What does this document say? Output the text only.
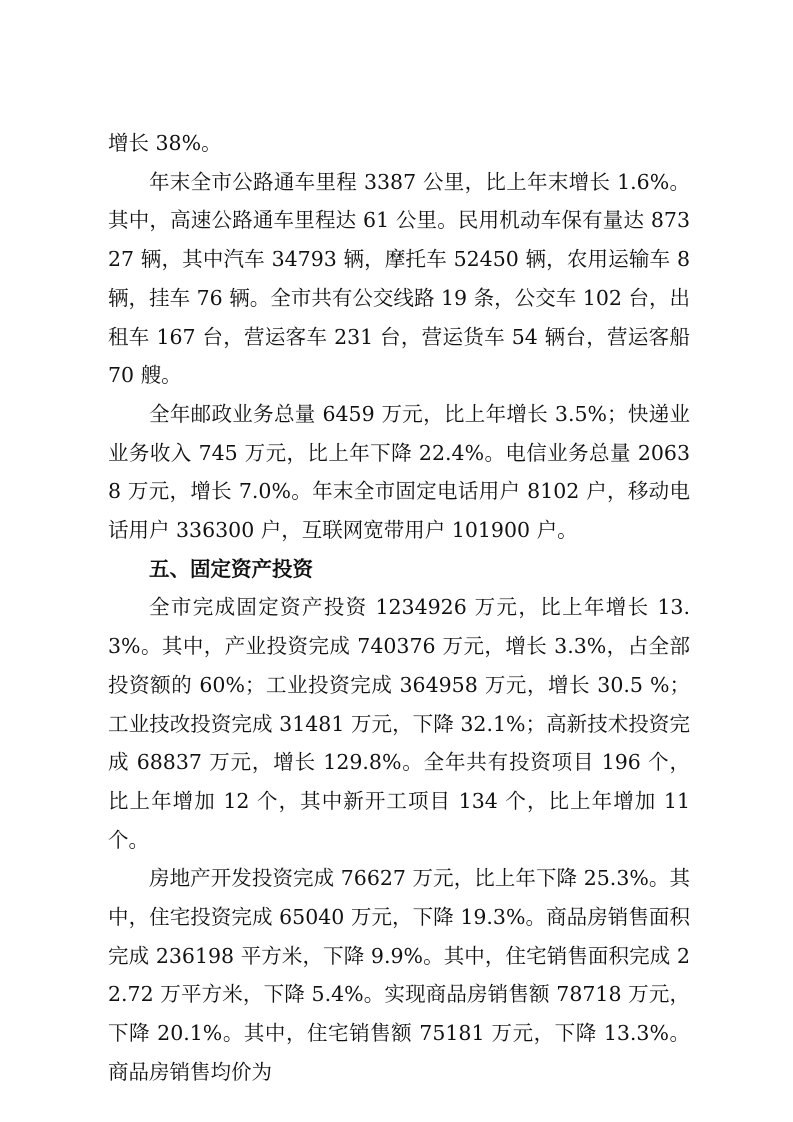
增长 38%。

年末全市公路通车里程 3387 公里，比上年末增长 1.6%。其中，高速公路通车里程达 61 公里。民用机动车保有量达 87327 辆，其中汽车 34793 辆，摩托车 52450 辆，农用运输车 8 辆，挂车 76 辆。全市共有公交线路 19 条，公交车 102 台，出租车 167 台，营运客车 231 台，营运货车 54 辆台，营运客船 70 艘。

全年邮政业务总量 6459 万元，比上年增长 3.5%；快递业业务收入 745 万元，比上年下降 22.4%。电信业务总量 20638 万元，增长 7.0%。年末全市固定电话用户 8102 户，移动电话用户 336300 户，互联网宽带用户 101900 户。

五、固定资产投资

全市完成固定资产投资 1234926 万元，比上年增长 13.3%。其中，产业投资完成 740376 万元，增长 3.3%，占全部投资额的 60%；工业投资完成 364958 万元，增长 30.5 %；工业技改投资完成 31481 万元，下降 32.1%；高新技术投资完成 68837 万元，增长 129.8%。全年共有投资项目 196 个，比上年增加 12 个，其中新开工项目 134 个，比上年增加 11 个。

房地产开发投资完成 76627 万元，比上年下降 25.3%。其中，住宅投资完成 65040 万元，下降 19.3%。商品房销售面积完成 236198 平方米，下降 9.9%。其中，住宅销售面积完成 22.72 万平方米，下降 5.4%。实现商品房销售额 78718 万元，下降 20.1%。其中，住宅销售额 75181 万元，下降 13.3%。商品房销售均价为
